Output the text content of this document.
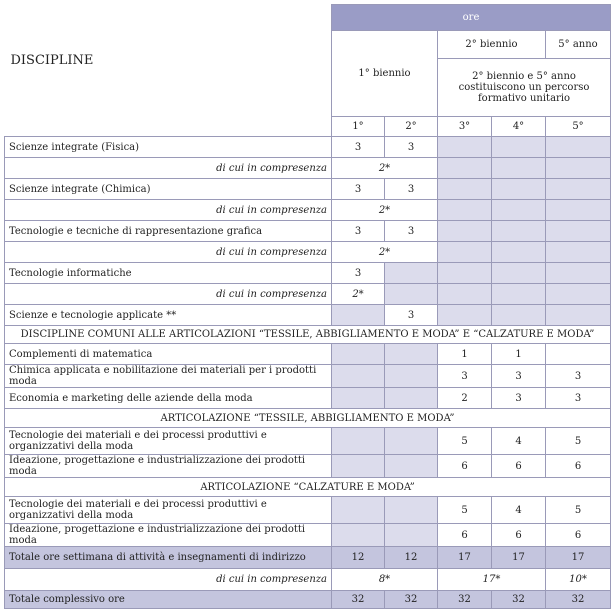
DISCIPLINE	ore				
	1° biennio		2° biennio		5° anno
			2° biennio e 5° anno costituiscono un percorso formativo unitario		
	1°	2°	3°	4°	5°
Scienze integrate (Fisica)	3	3			
di cui in compresenza	2*				
Scienze integrate (Chimica)	3	3			
di cui in compresenza	2*				
Tecnologie e tecniche di rappresentazione grafica	3	3			
di cui in compresenza	2*				
Tecnologie informatiche	3				
di cui in compresenza	2*				
Scienze e tecnologie applicate **		3			
DISCIPLINE COMUNI ALLE ARTICOLAZIONI “TESSILE, ABBIGLIAMENTO E MODA” E “CALZATURE E MODA”					
Complementi di matematica			1	1	
Chimica applicata e nobilitazione dei materiali per i prodotti moda			3	3	3
Economia e marketing delle aziende della moda			2	3	3
ARTICOLAZIONE “TESSILE, ABBIGLIAMENTO E MODA”					
Tecnologie dei materiali e dei processi produttivi e organizzativi della moda			5	4	5
Ideazione, progettazione e industrializzazione dei prodotti moda			6	6	6
ARTICOLAZIONE “CALZATURE E MODA”					
Tecnologie dei materiali e dei processi produttivi e organizzativi della moda			5	4	5
Ideazione, progettazione e industrializzazione dei prodotti moda			6	6	6
Totale ore settimana di attività e insegnamenti di indirizzo	12	12	17	17	17
di cui in compresenza	8*		17*		10*
Totale complessivo ore	32	32	32	32	32
